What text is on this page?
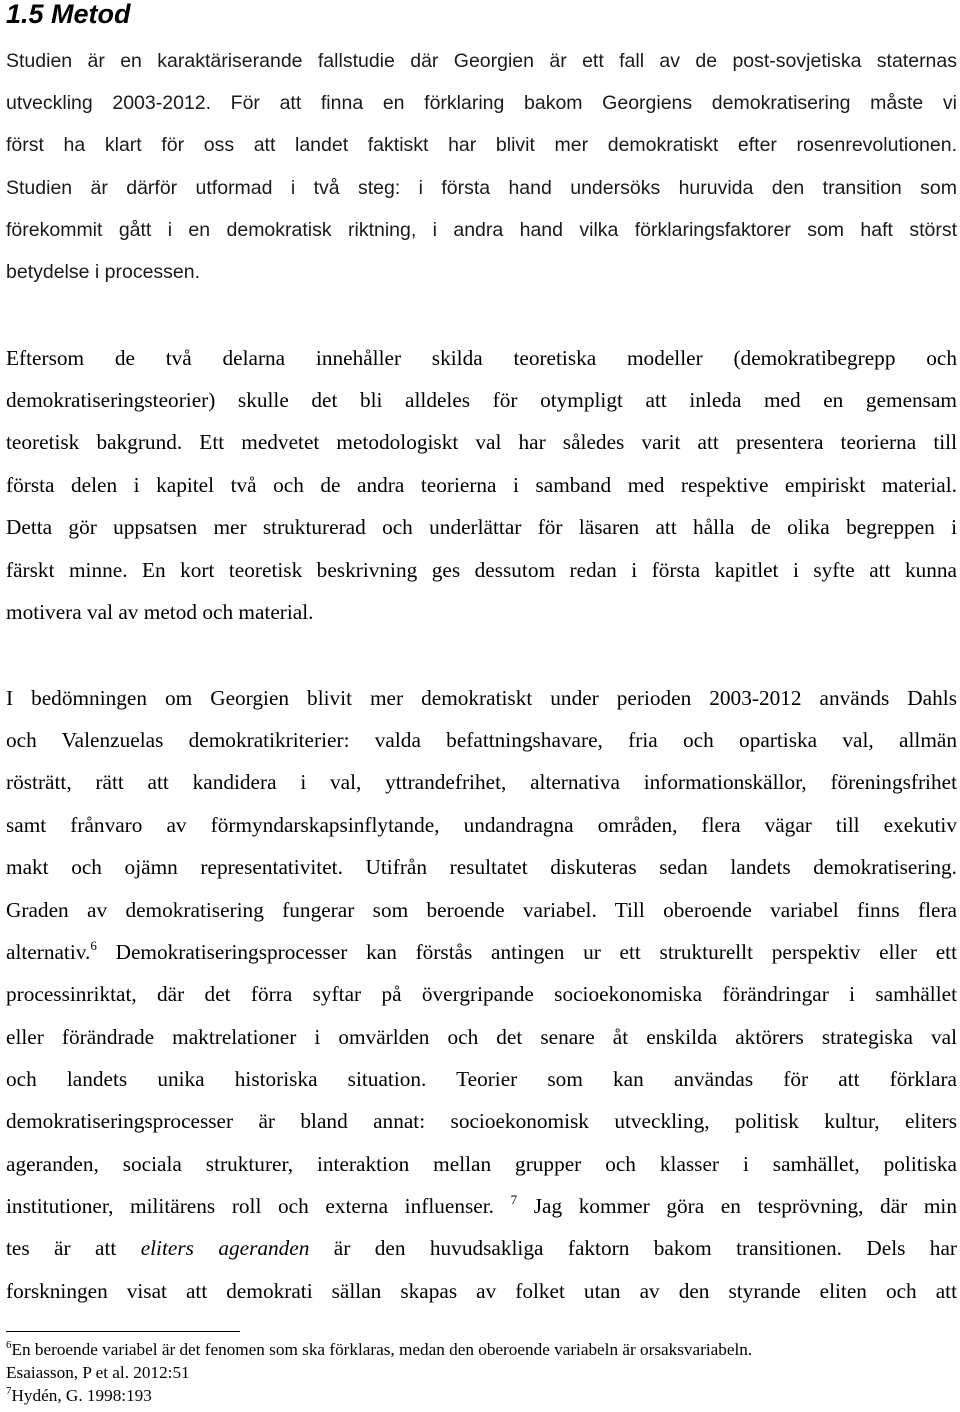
1.5 Metod
Studien är en karaktäriserande fallstudie där Georgien är ett fall av de post-sovjetiska staternas
utveckling 2003-2012. För att finna en förklaring bakom Georgiens demokratisering måste vi
först ha klart för oss att landet faktiskt har blivit mer demokratiskt efter rosenrevolutionen.
Studien är därför utformad i två steg: i första hand undersöks huruvida den transition som
förekommit gått i en demokratisk riktning, i andra hand vilka förklaringsfaktorer som haft störst
betydelse i processen.
Eftersom de två delarna innehåller skilda teoretiska modeller (demokratibegrepp och
demokratiseringsteorier) skulle det bli alldeles för otympligt att inleda med en gemensam
teoretisk bakgrund. Ett medvetet metodologiskt val har således varit att presentera teorierna till
första delen i kapitel två och de andra teorierna i samband med respektive empiriskt material.
Detta gör uppsatsen mer strukturerad och underlättar för läsaren att hålla de olika begreppen i
färskt minne. En kort teoretisk beskrivning ges dessutom redan i första kapitlet i syfte att kunna
motivera val av metod och material.
I bedömningen om Georgien blivit mer demokratiskt under perioden 2003-2012 används Dahls
och Valenzuelas demokratikriterier: valda befattningshavare, fria och opartiska val, allmän
rösträtt, rätt att kandidera i val, yttrandefrihet, alternativa informationskällor, föreningsfrihet
samt frånvaro av förmyndarskapsinflytande, undandragna områden, flera vägar till exekutiv
makt och ojämn representativitet. Utifrån resultatet diskuteras sedan landets demokratisering.
Graden av demokratisering fungerar som beroende variabel. Till oberoende variabel finns flera
alternativ.$^6$ Demokratiseringsprocesser kan förstås antingen ur ett strukturellt perspektiv eller ett
processinriktat, där det förra syftar på övergripande socioekonomiska förändringar i samhället
eller förändrade maktrelationer i omvärlden och det senare åt enskilda aktörers strategiska val
och landets unika historiska situation. Teorier som kan användas för att förklara
demokratiseringsprocesser är bland annat: socioekonomisk utveckling, politisk kultur, eliters
ageranden, sociala strukturer, interaktion mellan grupper och klasser i samhället, politiska
institutioner, militärens roll och externa influenser. $^7$ Jag kommer göra en tesprövning, där min
tes är att eliters ageranden är den huvudsakliga faktorn bakom transitionen. Dels har
forskningen visat att demokrati sällan skapas av folket utan av den styrande eliten och att
$^6$En beroende variabel är det fenomen som ska förklaras, medan den oberoende variabeln är orsaksvariabeln.
Esaiasson, P et al. 2012:51
$^7$Hydén, G. 1998:193
